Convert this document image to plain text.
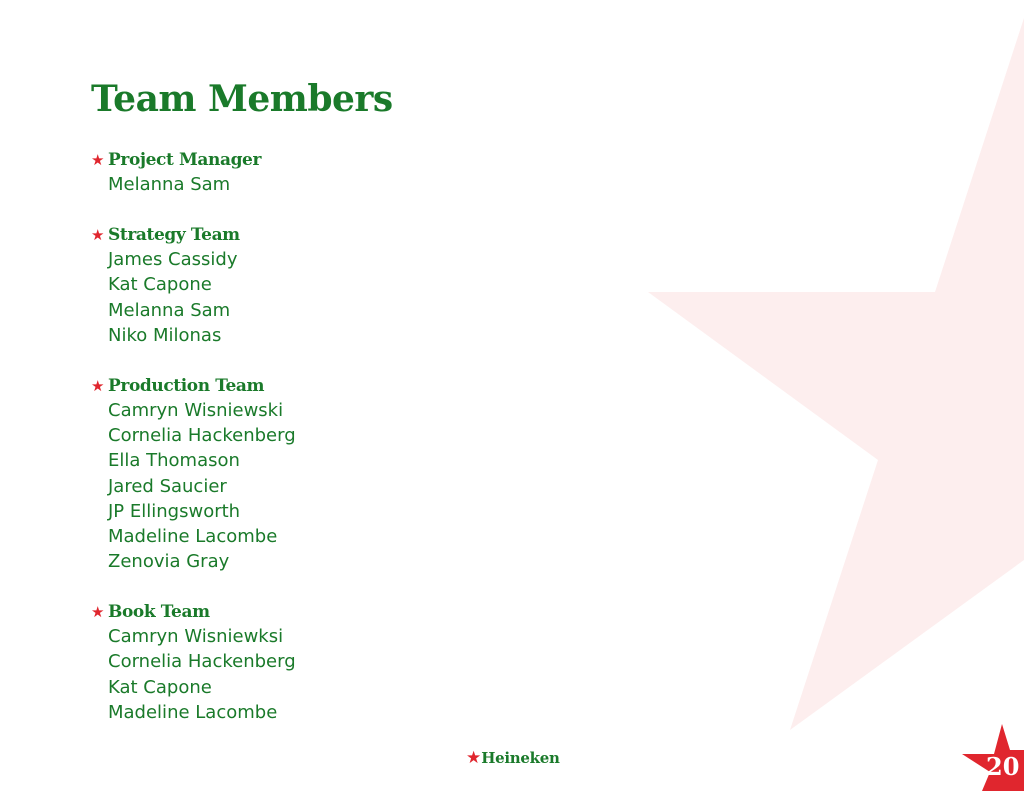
Team Members
★ Project Manager
Melanna Sam
★ Strategy Team
James Cassidy
Kat Capone
Melanna Sam
Niko Milonas
★ Production Team
Camryn Wisniewski
Cornelia Hackenberg
Ella Thomason
Jared Saucier
JP Ellingsworth
Madeline Lacombe
Zenovia Gray
★ Book Team
Camryn Wisniewksi
Cornelia Hackenberg
Kat Capone
Madeline Lacombe
★Heineken	20
